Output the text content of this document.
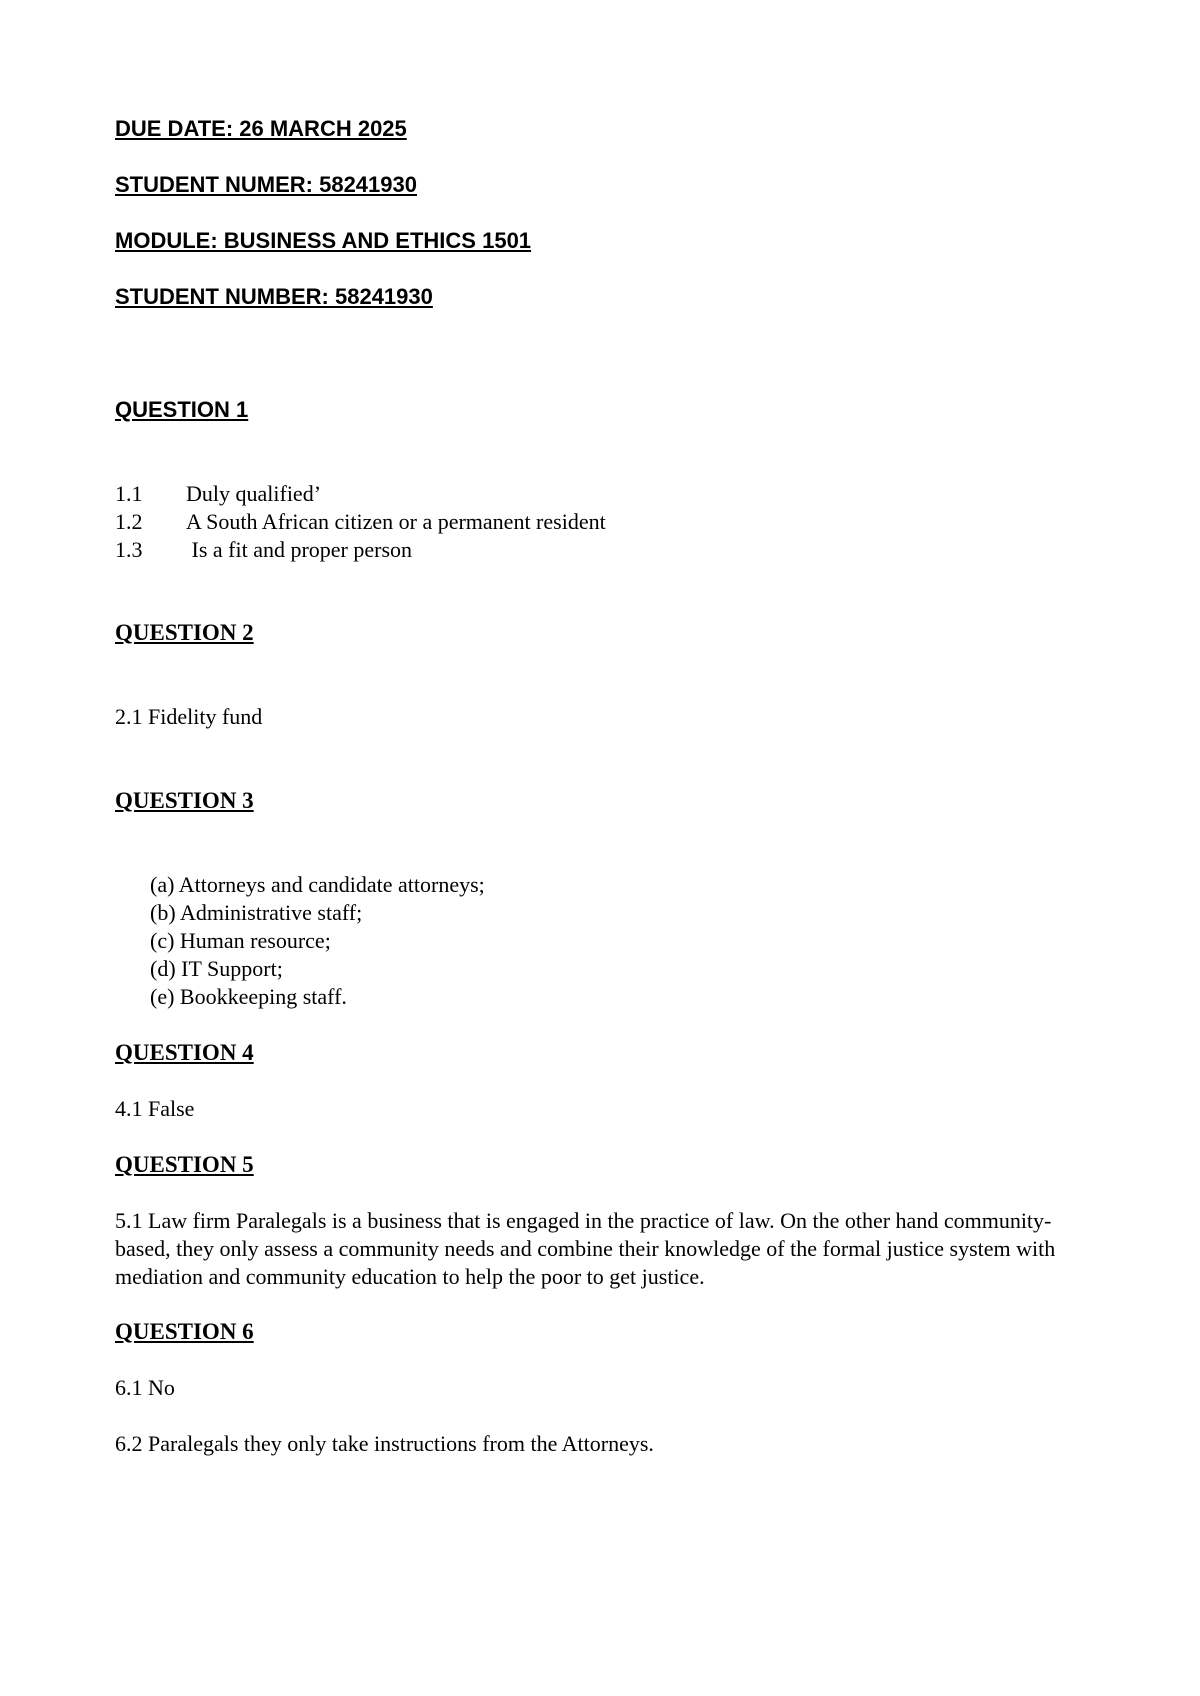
DUE DATE: 26 MARCH 2025
STUDENT NUMER: 58241930
MODULE: BUSINESS AND ETHICS 1501
STUDENT NUMBER: 58241930
QUESTION 1
1.1 Duly qualified’
1.2 A South African citizen or a permanent resident
1.3 Is a fit and proper person
QUESTION 2
2.1 Fidelity fund
QUESTION 3
(a) Attorneys and candidate attorneys;
(b) Administrative staff;
(c) Human resource;
(d) IT Support;
(e) Bookkeeping staff.
QUESTION 4
4.1 False
QUESTION 5
5.1 Law firm Paralegals is a business that is engaged in the practice of law. On the other hand community-based, they only assess a community needs and combine their knowledge of the formal justice system with mediation and community education to help the poor to get justice.
QUESTION 6
6.1 No
6.2 Paralegals they only take instructions from the Attorneys.
